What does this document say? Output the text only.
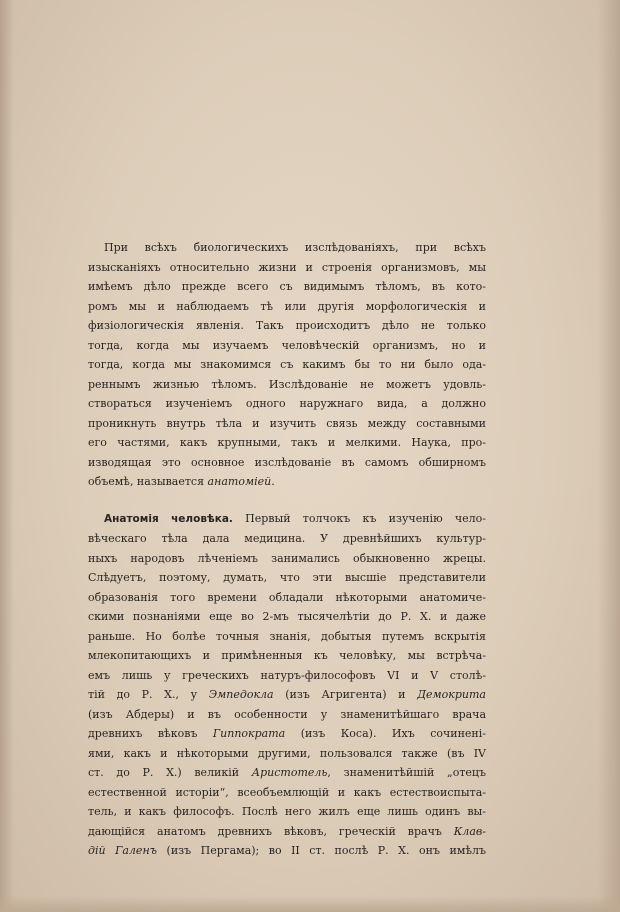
При всѣхъ биологическихъ изслѣдованіяхъ, при всѣхъ
изысканіяхъ относительно жизни и строенія организмовъ, мы
имѣемъ дѣло прежде всего съ видимымъ тѣломъ, въ кото-
ромъ мы и наблюдаемъ тѣ или другія морфологическія и
физіологическія явленія. Такъ происходитъ дѣло не только
тогда, когда мы изучаемъ человѣческій организмъ, но и
тогда, когда мы знакомимся съ какимъ бы то ни было ода-
реннымъ жизнью тѣломъ. Изслѣдованіе не можетъ удовль-
створаться изученіемъ одного наружнаго вида, а должно
проникнуть внутрь тѣла и изучить связь между составными
его частями, какъ крупными, такъ и мелкими. Наука, про-
изводящая это основное изслѣдованіе въ самомъ обширномъ
объемѣ, называется анатоміей.
Анатомія человѣка. Первый толчокъ къ изученію чело-
вѣческаго тѣла дала медицина. У древнѣйшихъ культур-
ныхъ народовъ лѣченіемъ занимались обыкновенно жрецы.
Слѣдуетъ, поэтому, думать, что эти высшіе представители
образованія того времени обладали нѣкоторыми анатомиче-
скими познаніями еще во 2-мъ тысячелѣтіи до Р. Х. и даже
раньше. Но болѣе точныя знанія, добытыя путемъ вскрытія
млекопитающихъ и примѣненныя къ человѣку, мы встрѣча-
емъ лишь у греческихъ натуръ-философовъ VI и V столѣ-
тій до Р. Х., у Эмпедокла (изъ Агригента) и Демокрита
(изъ Абдеры) и въ особенности у знаменитѣйшаго врача
древнихъ вѣковъ Гиппократа (изъ Коса). Ихъ сочиненi-
ями, какъ и нѣкоторыми другими, пользовался также (въ IV
ст. до Р. Х.) великій Аристотель, знаменитѣйшій „отецъ
естественной исторіи“, всеобъемлющій и какъ естествоиспыта-
тель, и какъ философъ. Послѣ него жилъ еще лишь одинъ вы-
дающійся анатомъ древнихъ вѣковъ, греческій врачъ Клав-
дій Галенъ (изъ Пергама); во II ст. послѣ Р. Х. онъ имѣлъ
